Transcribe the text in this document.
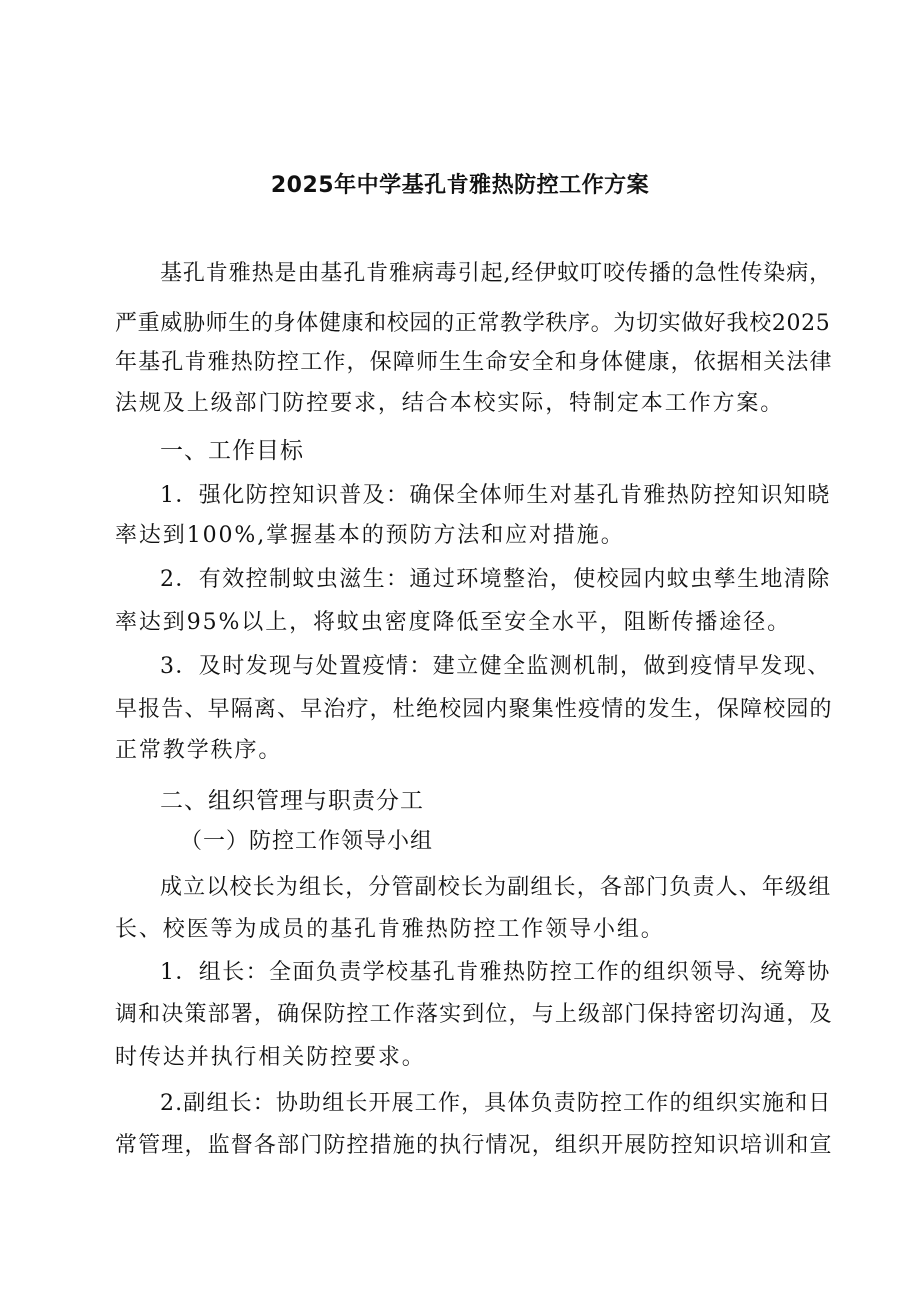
2025年中学基孔肯雅热防控工作方案
基孔肯雅热是由基孔肯雅病毒引起,经伊蚊叮咬传播的急性传染病，
严重威胁师生的身体健康和校园的正常教学秩序。为切实做好我校2025
年基孔肯雅热防控工作，保障师生生命安全和身体健康，依据相关法律
法规及上级部门防控要求，结合本校实际，特制定本工作方案。
一、工作目标
1．强化防控知识普及：确保全体师生对基孔肯雅热防控知识知晓
率达到100%,掌握基本的预防方法和应对措施。
2．有效控制蚊虫滋生：通过环境整治，使校园内蚊虫孳生地清除
率达到95%以上，将蚊虫密度降低至安全水平，阻断传播途径。
3．及时发现与处置疫情：建立健全监测机制，做到疫情早发现、
早报告、早隔离、早治疗，杜绝校园内聚集性疫情的发生，保障校园的
正常教学秩序。
二、组织管理与职责分工
（一）防控工作领导小组
成立以校长为组长，分管副校长为副组长，各部门负责人、年级组
长、校医等为成员的基孔肯雅热防控工作领导小组。
1．组长：全面负责学校基孔肯雅热防控工作的组织领导、统筹协
调和决策部署，确保防控工作落实到位，与上级部门保持密切沟通，及
时传达并执行相关防控要求。
2.副组长：协助组长开展工作，具体负责防控工作的组织实施和日
常管理，监督各部门防控措施的执行情况，组织开展防控知识培训和宣
